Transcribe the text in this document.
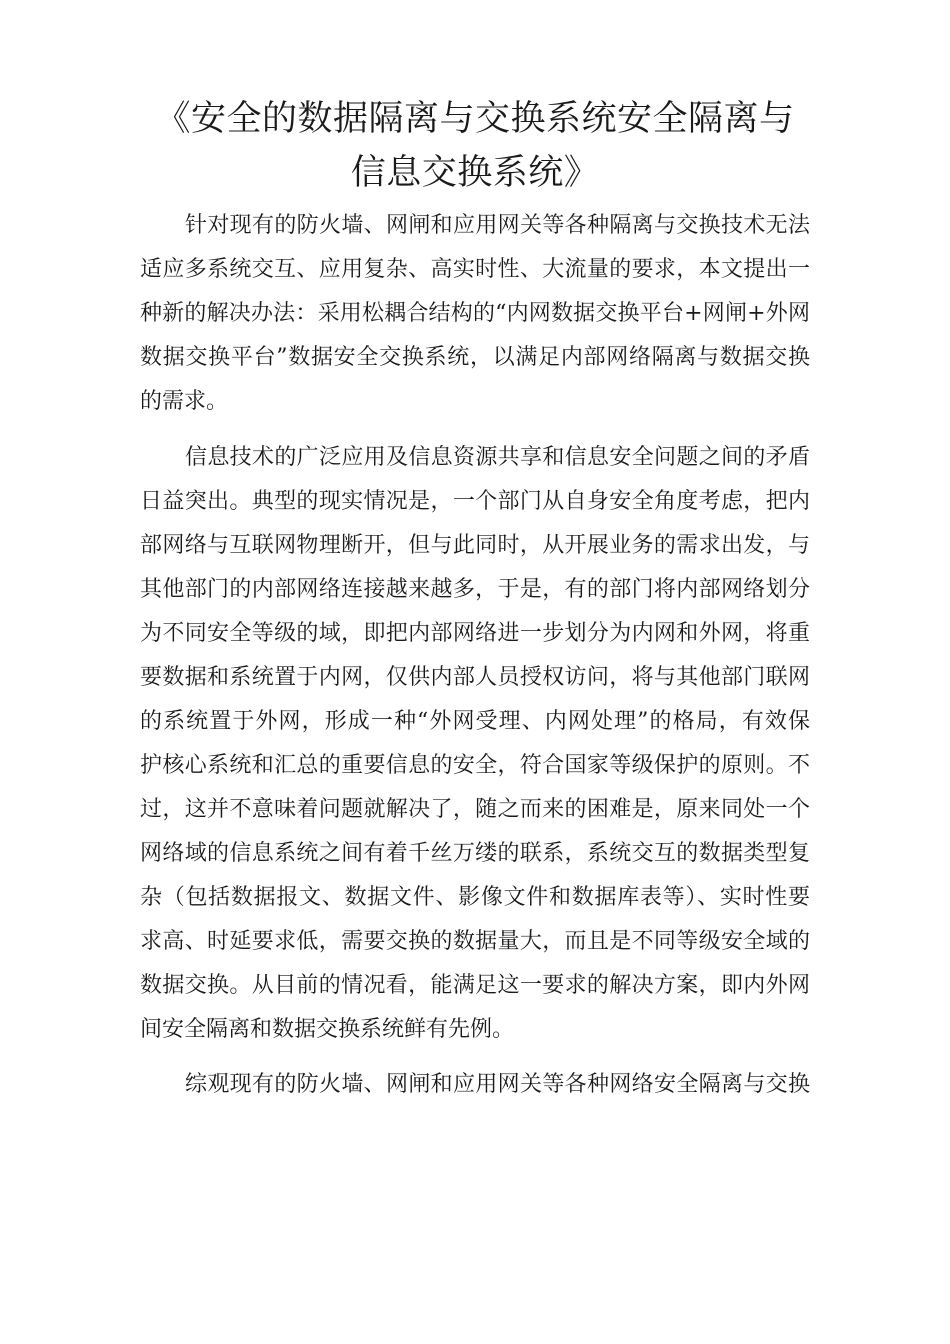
《安全的数据隔离与交换系统安全隔离与
信息交换系统》

针对现有的防火墙、网闸和应用网关等各种隔离与交换技术无法
适应多系统交互、应用复杂、高实时性、大流量的要求，本文提出一
种新的解决办法：采用松耦合结构的“内网数据交换平台+网闸+外网
数据交换平台”数据安全交换系统，以满足内部网络隔离与数据交换
的需求。

信息技术的广泛应用及信息资源共享和信息安全问题之间的矛盾
日益突出。典型的现实情况是，一个部门从自身安全角度考虑，把内
部网络与互联网物理断开，但与此同时，从开展业务的需求出发，与
其他部门的内部网络连接越来越多，于是，有的部门将内部网络划分
为不同安全等级的域，即把内部网络进一步划分为内网和外网，将重
要数据和系统置于内网，仅供内部人员授权访问，将与其他部门联网
的系统置于外网，形成一种“外网受理、内网处理”的格局，有效保
护核心系统和汇总的重要信息的安全，符合国家等级保护的原则。不
过，这并不意味着问题就解决了，随之而来的困难是，原来同处一个
网络域的信息系统之间有着千丝万缕的联系，系统交互的数据类型复
杂（包括数据报文、数据文件、影像文件和数据库表等）、实时性要
求高、时延要求低，需要交换的数据量大，而且是不同等级安全域的
数据交换。从目前的情况看，能满足这一要求的解决方案，即内外网
间安全隔离和数据交换系统鲜有先例。

综观现有的防火墙、网闸和应用网关等各种网络安全隔离与交换
